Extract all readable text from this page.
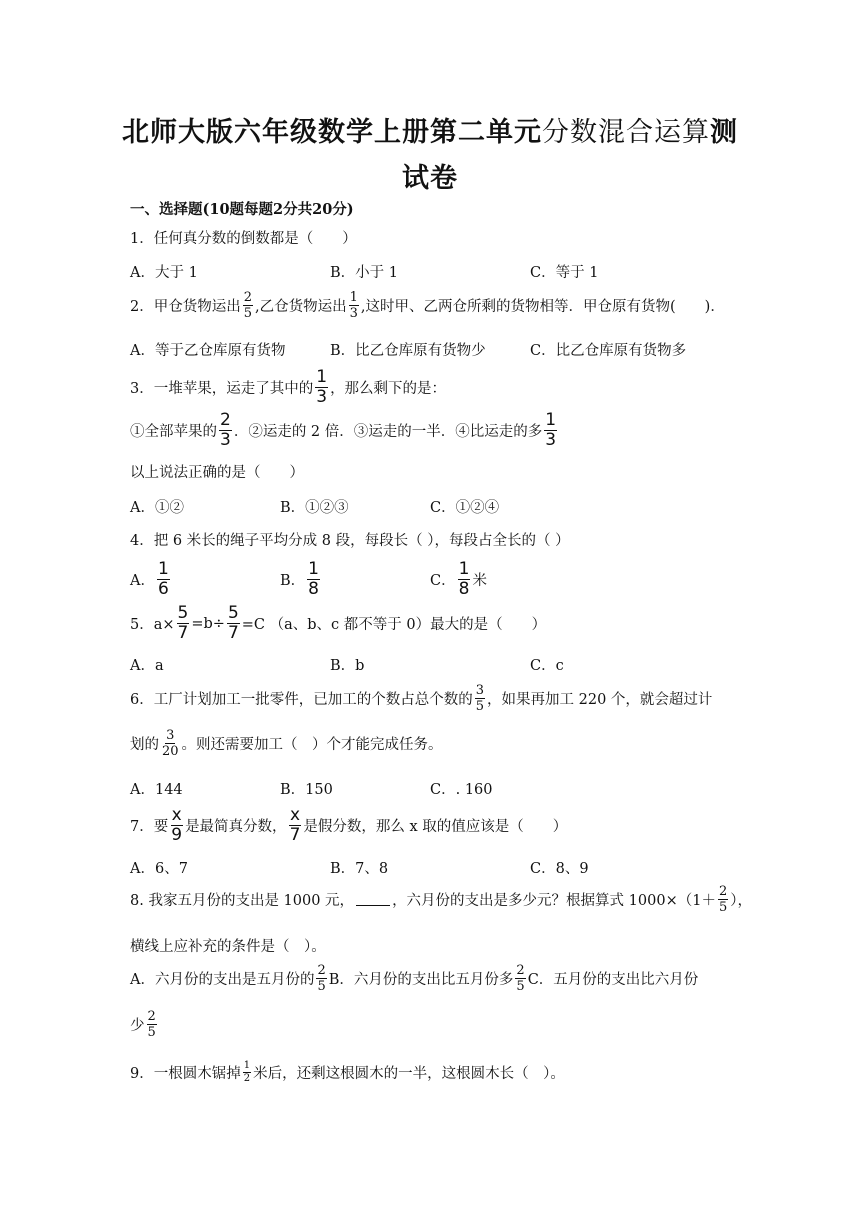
北师大版六年级数学上册第二单元分数混合运算测
试卷
一、选择题(10题每题2分共20分)
1．任何真分数的倒数都是（　　）
A．大于 1	B．小于 1	C．等于 1
2．甲仓货物运出 $\frac{2}{5}$ ,乙仓货物运出 $\frac{1}{3}$ ,这时甲、乙两仓所剩的货物相等．甲仓原有货物(　　)．
A．等于乙仓库原有货物	B．比乙仓库原有货物少	C．比乙仓库原有货物多
3．一堆苹果，运走了其中的 $\frac{1}{3}$ ，那么剩下的是：
①全部苹果的 $\frac{2}{3}$ ．②运走的 2 倍．③运走的一半．④比运走的多 $\frac{1}{3}$
以上说法正确的是（　　）
A．①②	B．①②③	C．①②④
4．把 6 米长的绳子平均分成 8 段，每段长（ ），每段占全长的（ ）
A． $\frac{1}{6}$	B． $\frac{1}{8}$	C． $\frac{1}{8}$ 米
5．$a\times \frac{5}{7} =b\div \frac{5}{7} =C$ （a、b、c 都不等于 0）最大的是（　　）
A．a	B．b	C．c
6．工厂计划加工一批零件，已加工的个数占总个数的 $\frac{3}{5}$ ，如果再加工 220 个，就会超过计
划的 $\frac{3}{20}$ 。则还需要加工（　）个才能完成任务。
A．144	B．150	C．. 160
7．要 $\frac{x}{9}$ 是最简真分数， $\frac{x}{7}$ 是假分数，那么 x 取的值应该是（　　）
A．6、7	B．7、8	C．8、9
8. 我家五月份的支出是 1000 元，	，六月份的支出是多少元？根据算式 $1000\times(1+ \frac{2}{5}$ ），
横线上应补充的条件是（　）。
A．六月份的支出是五月份的 $\frac{2}{5}$ B．六月份的支出比五月份多 $\frac{2}{5}$ C．五月份的支出比六月份
少 $\frac{2}{5}$
9．一根圆木锯掉 $\frac{1}{2}$ 米后，还剩这根圆木的一半，这根圆木长（　）。
